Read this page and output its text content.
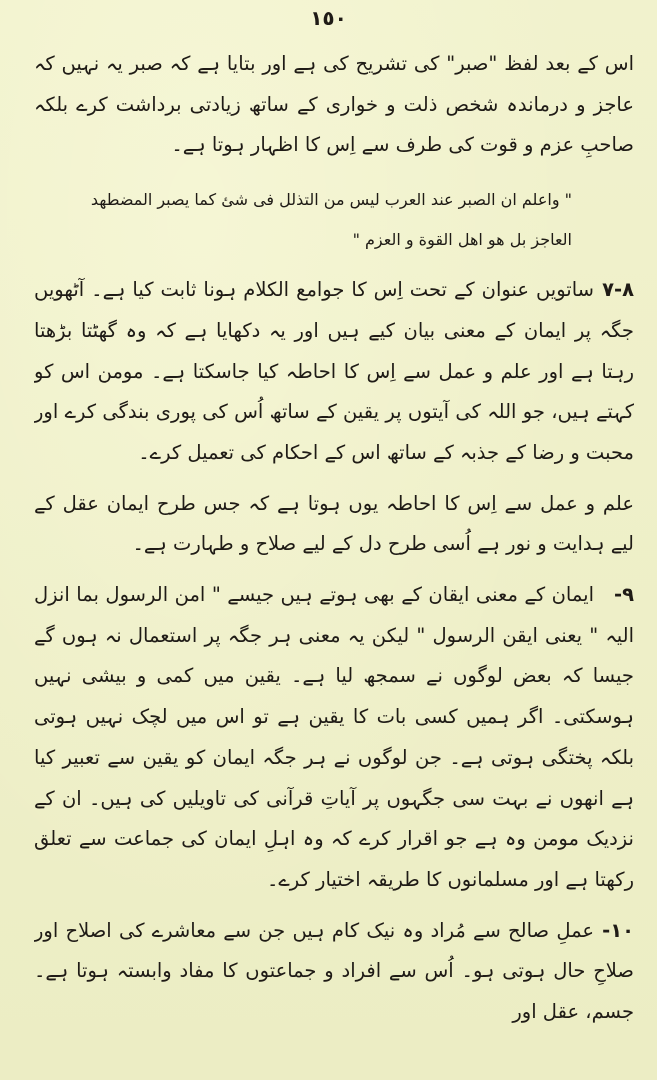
١٥٠

اس کے بعد لفظ "صبر" کی تشریح کی ہے اور بتایا ہے کہ صبر یہ نہیں کہ عاجز و درماندہ شخص ذلت و خواری کے ساتھ زیادتی برداشت کرے بلکہ صاحبِ عزم و قوت کی طرف سے اِس کا اظہار ہوتا ہے۔

" واعلم ان الصبر عند العرب لیس من التذلل فی شئ کما یصبر المضطھد العاجز بل ھو اھل القوة و العزم "

٨-٧ساتویں عنوان کے تحت اِس کا جوامع الکلام ہونا ثابت کیا ہے۔ آٹھویں جگہ پر ایمان کے معنی بیان کیے ہیں اور یہ دکھایا ہے کہ وہ گھٹتا بڑھتا رہتا ہے اور علم و عمل سے اِس کا احاطہ کیا جاسکتا ہے۔ مومن اس کو کہتے ہیں، جو اللہ کی آیتوں پر یقین کے ساتھ اُس کی پوری بندگی کرے اور محبت و رضا کے جذبہ کے ساتھ اس کے احکام کی تعمیل کرے۔

علم و عمل سے اِس کا احاطہ یوں ہوتا ہے کہ جس طرح ایمان عقل کے لیے ہدایت و نور ہے اُسی طرح دل کے لیے صلاح و طہارت ہے۔

٩-ایمان کے معنی ایقان کے بھی ہوتے ہیں جیسے " امن الرسول بما انزل الیہ " یعنی ایقن الرسول " لیکن یہ معنی ہر جگہ پر استعمال نہ ہوں گے جیسا کہ بعض لوگوں نے سمجھ لیا ہے۔ یقین میں کمی و بیشی نہیں ہوسکتی۔ اگر ہمیں کسی بات کا یقین ہے تو اس میں لچک نہیں ہوتی بلکہ پختگی ہوتی ہے۔ جن لوگوں نے ہر جگہ ایمان کو یقین سے تعبیر کیا ہے انھوں نے بہت سی جگہوں پر آیاتِ قرآنی کی تاویلیں کی ہیں۔ ان کے نزدیک مومن وہ ہے جو اقرار کرے کہ وہ اہلِ ایمان کی جماعت سے تعلق رکھتا ہے اور مسلمانوں کا طریقہ اختیار کرے۔

١٠-عملِ صالح سے مُراد وہ نیک کام ہیں جن سے معاشرے کی اصلاح اور صلاحِ حال ہوتی ہو۔ اُس سے افراد و جماعتوں کا مفاد وابستہ ہوتا ہے۔ جسم، عقل اور
